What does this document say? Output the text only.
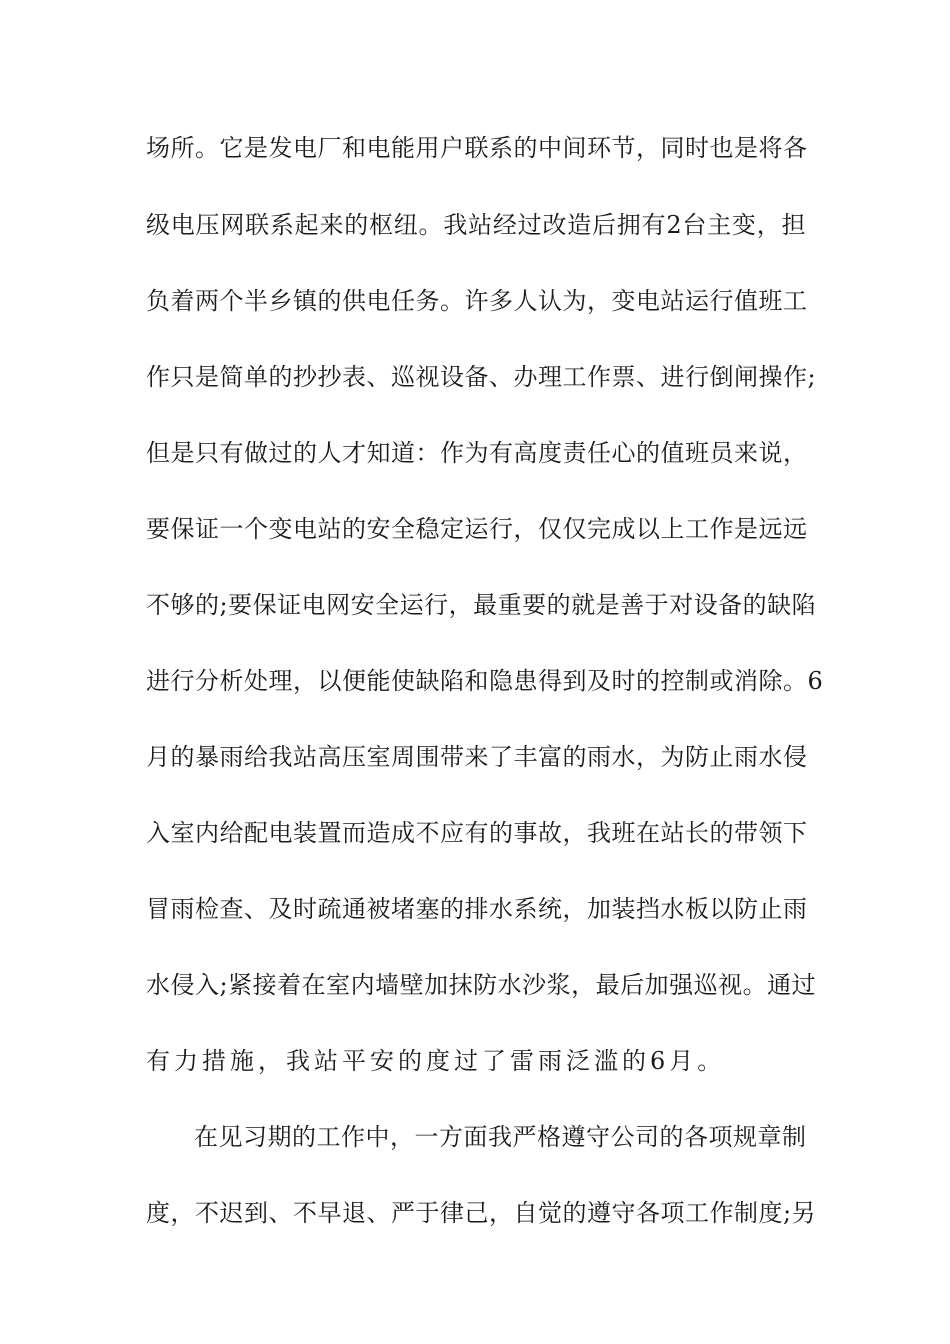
场所。它是发电厂和电能用户联系的中间环节，同时也是将各
级电压网联系起来的枢纽。我站经过改造后拥有2台主变，担
负着两个半乡镇的供电任务。许多人认为，变电站运行值班工
作只是简单的抄抄表、巡视设备、办理工作票、进行倒闸操作;
但是只有做过的人才知道：作为有高度责任心的值班员来说，
要保证一个变电站的安全稳定运行，仅仅完成以上工作是远远
不够的;要保证电网安全运行，最重要的就是善于对设备的缺陷
进行分析处理，以便能使缺陷和隐患得到及时的控制或消除。6
月的暴雨给我站高压室周围带来了丰富的雨水，为防止雨水侵
入室内给配电装置而造成不应有的事故，我班在站长的带领下
冒雨检查、及时疏通被堵塞的排水系统，加装挡水板以防止雨
水侵入;紧接着在室内墙壁加抹防水沙浆，最后加强巡视。通过
有力措施，我站平安的度过了雷雨泛滥的6月。
在见习期的工作中，一方面我严格遵守公司的各项规章制
度，不迟到、不早退、严于律己，自觉的遵守各项工作制度;另
